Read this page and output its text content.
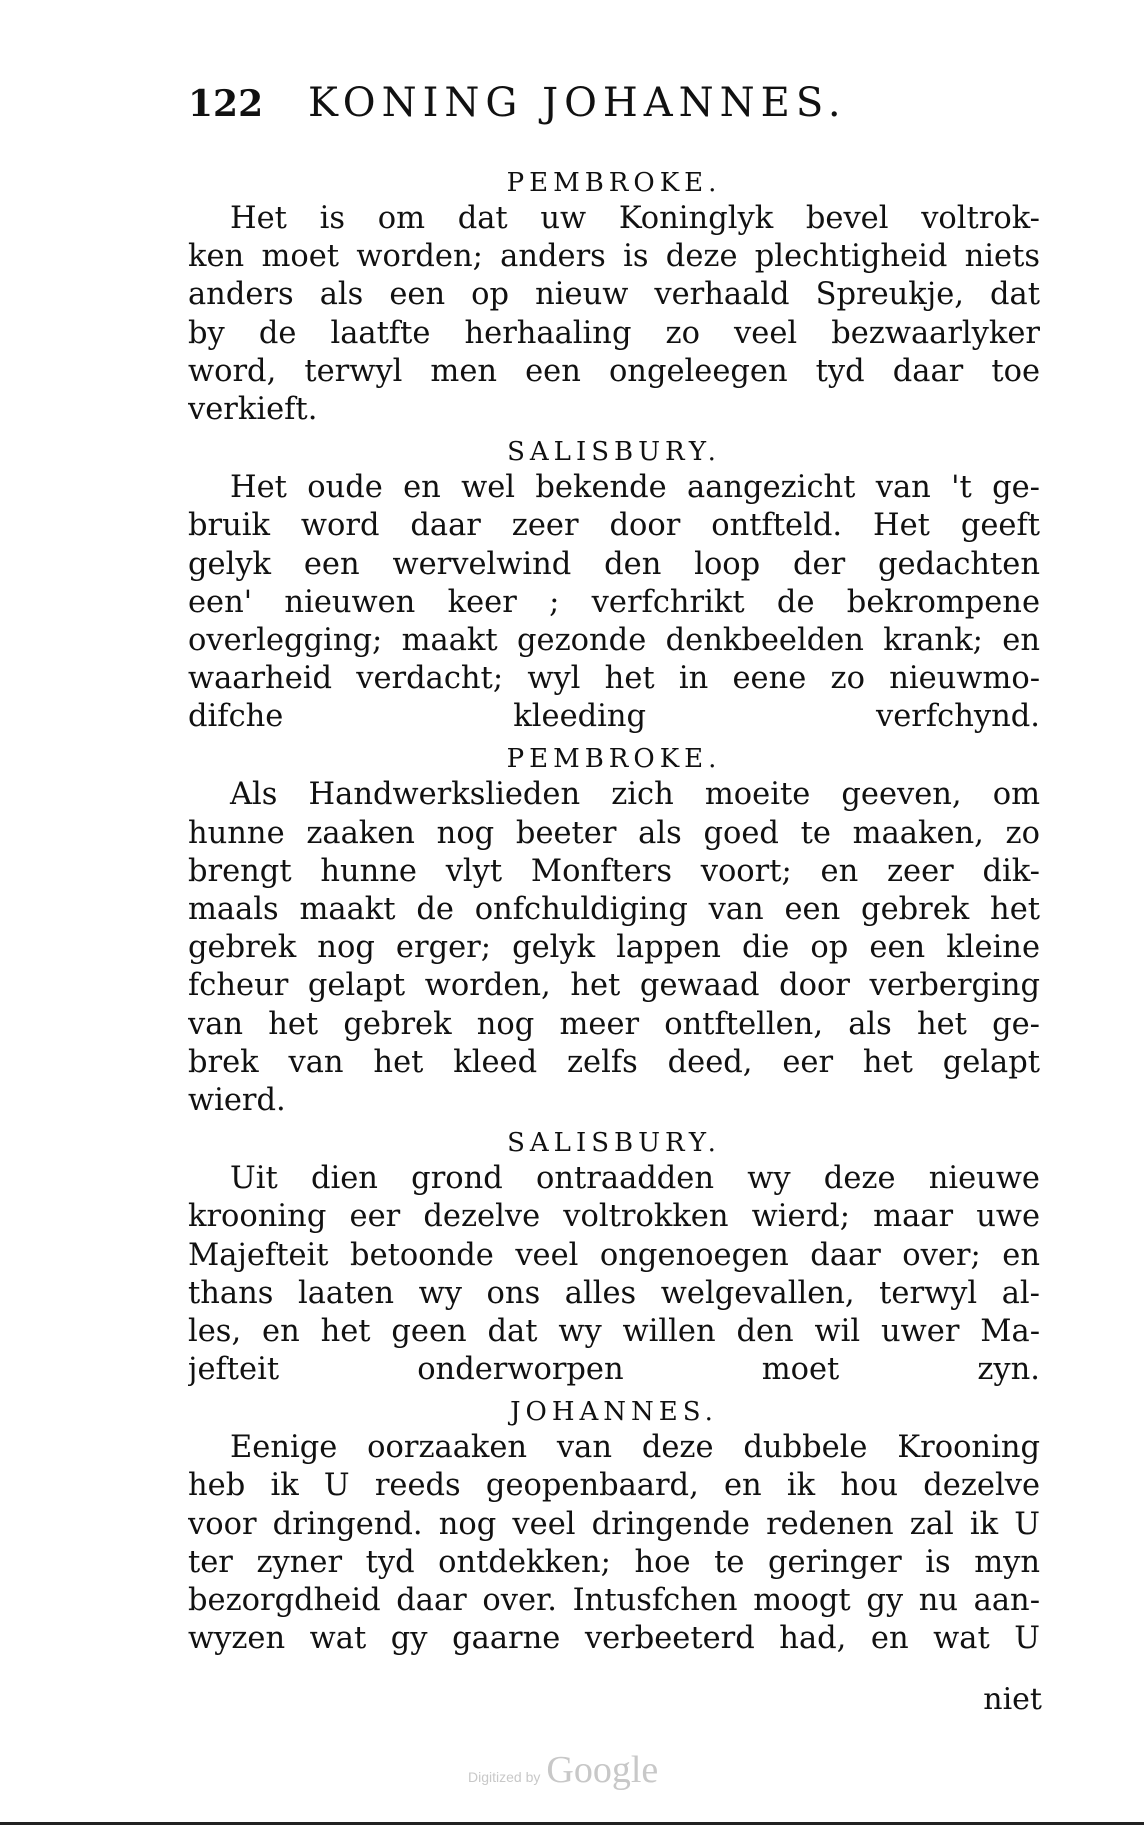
122	KONING JOHANNES.
PEMBROKE.
Het is om dat uw Koninglyk bevel voltrok-
ken moet worden; anders is deze plechtigheid niets
anders als een op nieuw verhaald Spreukje, dat
by de laatfte herhaaling zo veel bezwaarlyker
word, terwyl men een ongeleegen tyd daar toe
verkieft.
SALISBURY.
Het oude en wel bekende aangezicht van 't ge-
bruik word daar zeer door ontfteld. Het geeft
gelyk een wervelwind den loop der gedachten
een' nieuwen keer ; verfchrikt de bekrompene
overlegging; maakt gezonde denkbeelden krank; en
waarheid verdacht; wyl het in eene zo nieuwmo-
difche kleeding verfchynd.
PEMBROKE.
Als Handwerkslieden zich moeite geeven, om
hunne zaaken nog beeter als goed te maaken, zo
brengt hunne vlyt Monfters voort; en zeer dik-
maals maakt de onfchuldiging van een gebrek het
gebrek nog erger; gelyk lappen die op een kleine
fcheur gelapt worden, het gewaad door verberging
van het gebrek nog meer ontftellen, als het ge-
brek van het kleed zelfs deed, eer het gelapt
wierd.
SALISBURY.
Uit dien grond ontraadden wy deze nieuwe
krooning eer dezelve voltrokken wierd; maar uwe
Majefteit betoonde veel ongenoegen daar over; en
thans laaten wy ons alles welgevallen, terwyl al-
les, en het geen dat wy willen den wil uwer Ma-
jefteit onderworpen moet zyn.
JOHANNES.
Eenige oorzaaken van deze dubbele Krooning
heb ik U reeds geopenbaard, en ik hou dezelve
voor dringend. nog veel dringende redenen zal ik U
ter zyner tyd ontdekken; hoe te geringer is myn
bezorgdheid daar over. Intusfchen moogt gy nu aan-
wyzen wat gy gaarne verbeeterd had, en wat U
niet
Digitized by Google
